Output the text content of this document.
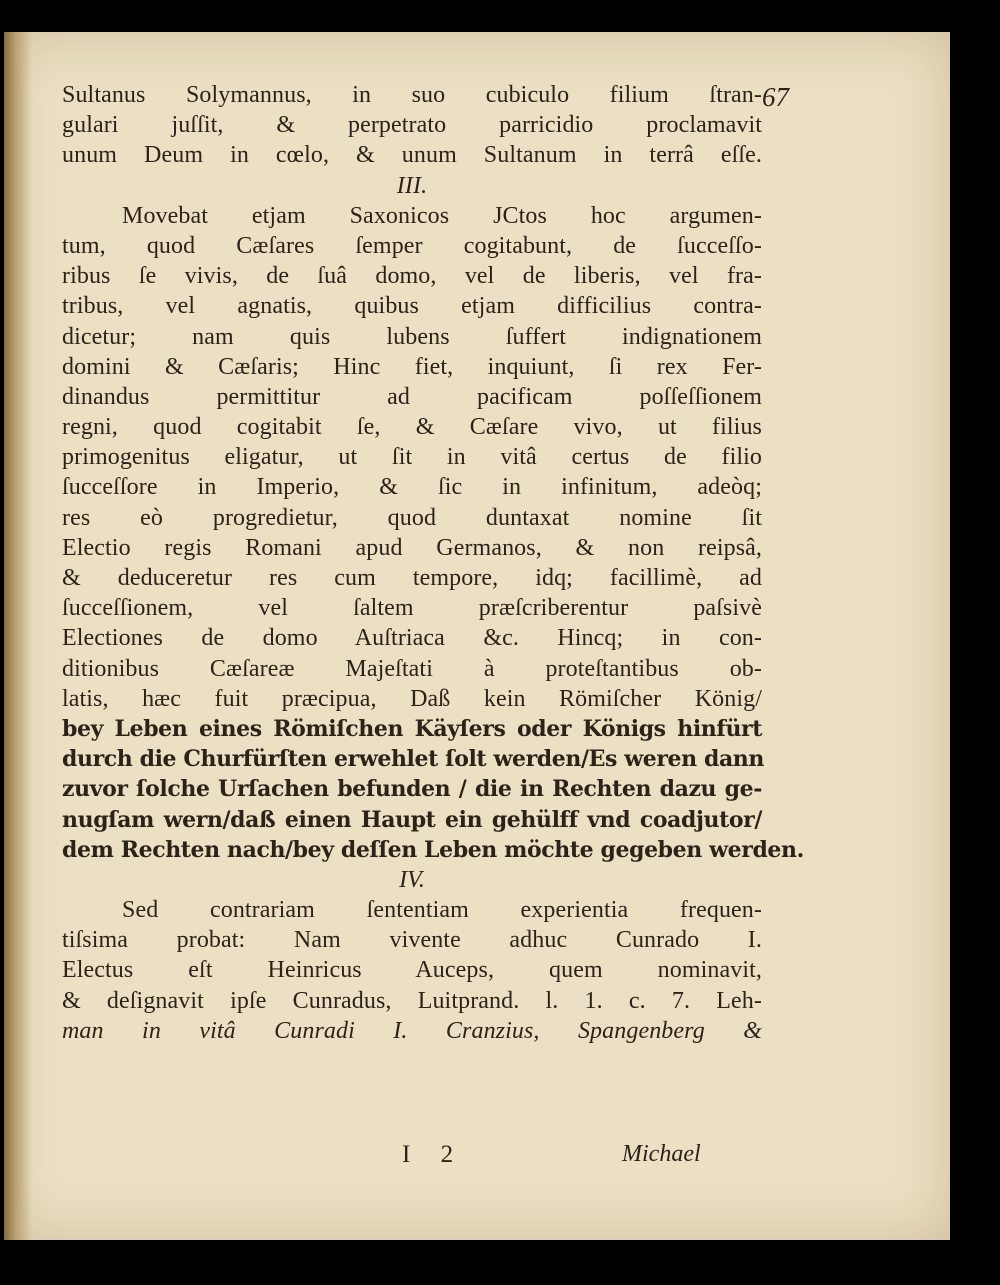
67
Sultanus Solymannus, in suo cubiculo filium ſtran-
gulari juſſit, & perpetrato parricidio proclamavit
unum Deum in cœlo, & unum Sultanum in terrâ eſſe.
III.
Movebat etjam Saxonicos JCtos hoc argumen-
tum, quod Cæſares ſemper cogitabunt, de ſucceſſo-
ribus ſe vivis, de ſuâ domo, vel de liberis, vel fra-
tribus, vel agnatis, quibus etjam difficilius contra-
dicetur; nam quis lubens ſuffert indignationem
domini & Cæſaris; Hinc fiet, inquiunt, ſi rex Fer-
dinandus permittitur ad pacificam poſſeſſionem
regni, quod cogitabit ſe, & Cæſare vivo, ut filius
primogenitus eligatur, ut ſit in vitâ certus de filio
ſucceſſore in Imperio, & ſic in infinitum, adeòq;
res eò progredietur, quod duntaxat nomine ſit
Electio regis Romani apud Germanos, & non reipsâ,
& deduceretur res cum tempore, idq; facillimè, ad
ſucceſſionem, vel ſaltem præſcriberentur paſsivè
Electiones de domo Auſtriaca &c. Hincq; in con-
ditionibus Cæſareæ Majeſtati à proteſtantibus ob-
latis, hæc fuit præcipua, Daß kein Römiſcher König/
bey Leben eines Römiſchen Käyſers oder Königs hinfürt
durch die Churfürſten erwehlet ſolt werden/Es weren dann
zuvor ſolche Urſachen befunden / die in Rechten dazu ge-
nugſam wern/daß einen Haupt ein gehülff vnd coadjutor/
dem Rechten nach/bey deſſen Leben möchte gegeben werden.
IV.
Sed contrariam ſententiam experientia frequen-
tiſsima probat: Nam vivente adhuc Cunrado I.
Electus eſt Heinricus Auceps, quem nominavit,
& deſignavit ipſe Cunradus, Luitprand. l. 1. c. 7. Leh-
man in vitâ Cunradi I. Cranzius, Spangenberg &
I 2	Michael
